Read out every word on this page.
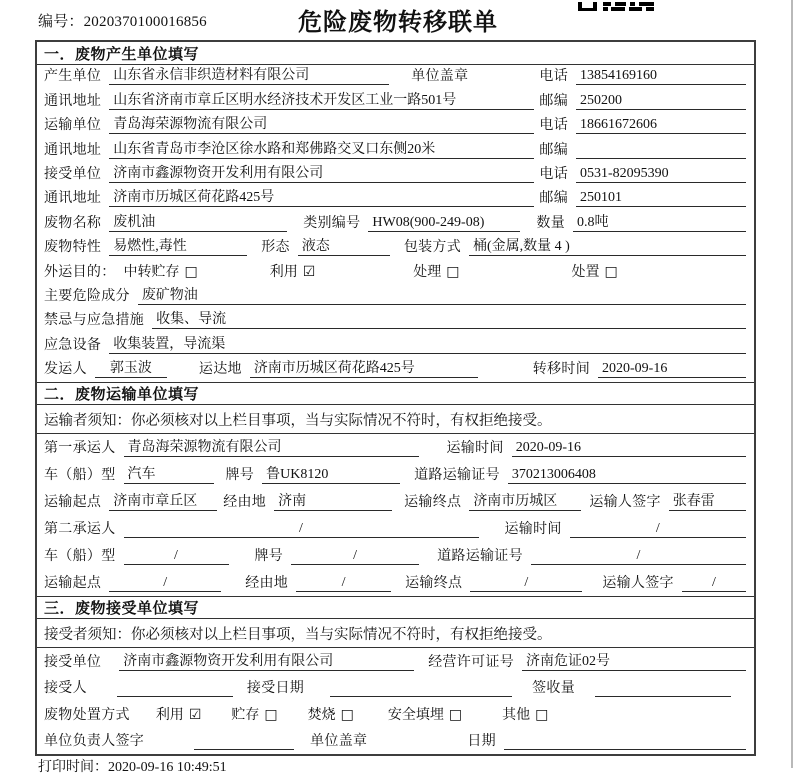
编号：2020370100016856	危险废物转移联单
一．废物产生单位填写
产生单位 山东省永信非织造材料有限公司	单位盖章	电话 13854169160
通讯地址 山东省济南市章丘区明水经济技术开发区工业一路501号	邮编 250200
运输单位 青岛海荣源物流有限公司	电话 18661672606
通讯地址 山东省青岛市李沧区徐水路和郑佛路交叉口东侧20米	邮编
接受单位 济南市鑫源物资开发利用有限公司	电话 0531-82095390
通讯地址 济南市历城区荷花路425号	邮编 250101
废物名称 废机油	类别编号 HW08(900-249-08)	数量 0.8吨
废物特性 易燃性,毒性	形态 液态	包装方式 桶(金属,数量 4 )
外运目的： 中转贮存 □	利用 ☑	处理 □	处置 □
主要危险成分 废矿物油
禁忌与应急措施 收集、导流
应急设备 收集装置，导流渠
发运人	郭玉波	运达地 济南市历城区荷花路425号	转移时间 2020-09-16
二．废物运输单位填写
运输者须知：你必须核对以上栏目事项，当与实际情况不符时，有权拒绝接受。
第一承运人 青岛海荣源物流有限公司	运输时间 2020-09-16
车（船）型 汽车	牌号 鲁UK8120	道路运输证号 370213006408
运输起点 济南市章丘区	经由地 济南	运输终点 济南市历城区	运输人签字 张春雷
第二承运人	/	运输时间	/
车（船）型	/	牌号	/	道路运输证号	/
运输起点	/	经由地	/	运输终点	/	运输人签字	/
三．废物接受单位填写
接受者须知：你必须核对以上栏目事项，当与实际情况不符时，有权拒绝接受。
接受单位 济南市鑫源物资开发利用有限公司	经营许可证号 济南危证02号
接受人	接受日期	签收量
废物处置方式 利用 ☑ 贮存 □ 焚烧 □ 安全填埋 □	其他 □
单位负责人签字	单位盖章	日期
打印时间：2020-09-16 10:49:51
